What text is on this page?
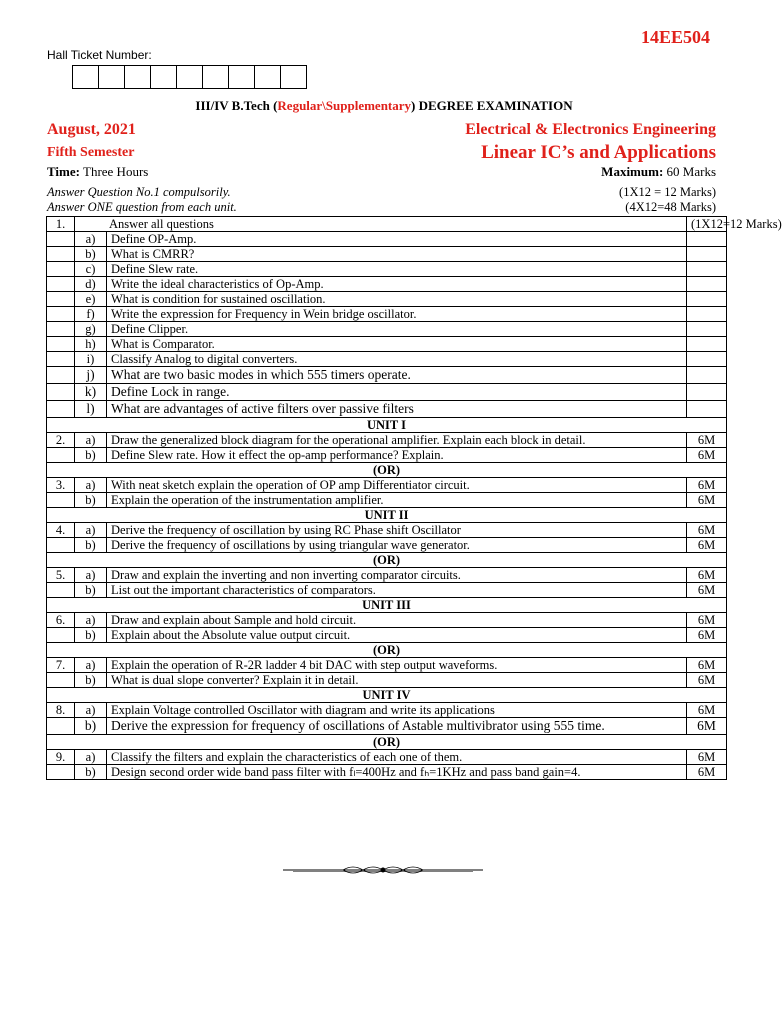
14EE504
Hall Ticket Number:
III/IV B.Tech (Regular\Supplementary) DEGREE EXAMINATION
August, 2021	Electrical & Electronics Engineering
Fifth Semester	Linear IC’s and Applications
Time: Three Hours	Maximum: 60 Marks
Answer Question No.1 compulsorily.	(1X12 = 12 Marks)
Answer ONE question from each unit.	(4X12=48 Marks)
1.	Answer all questions		(1X12=12 Marks)
	a)	Define OP-Amp.	
	b)	What is CMRR?	
	c)	Define Slew rate.	
	d)	Write the ideal characteristics of Op-Amp.	
	e)	What is condition for sustained oscillation.	
	f)	Write the expression for Frequency in Wein bridge oscillator.	
	g)	Define Clipper.	
	h)	What is Comparator.	
	i)	Classify Analog to digital converters.	
	j)	What are two basic modes in which 555 timers operate.	
	k)	Define Lock in range.	
	l)	What are advantages of active filters over passive filters	
UNIT I			
2.	a)	Draw the generalized block diagram for the operational amplifier. Explain each block in detail.	6M
	b)	Define Slew rate. How it effect the op-amp performance? Explain.	6M
(OR)			
3.	a)	With neat sketch explain the operation of OP amp Differentiator circuit.	6M
	b)	Explain the operation of the instrumentation amplifier.	6M
UNIT II			
4.	a)	Derive the frequency of oscillation by using RC Phase shift Oscillator	6M
	b)	Derive the frequency of oscillations by using triangular wave generator.	6M
(OR)			
5.	a)	Draw and explain the inverting and non inverting comparator circuits.	6M
	b)	List out the important characteristics of comparators.	6M
UNIT III			
6.	a)	Draw and explain about Sample and hold circuit.	6M
	b)	Explain about the Absolute value output circuit.	6M
(OR)			
7.	a)	Explain the operation of R-2R ladder 4 bit DAC with step output waveforms.	6M
	b)	What is dual slope converter? Explain it in detail.	6M
UNIT IV			
8.	a)	Explain Voltage controlled Oscillator with diagram and write its applications	6M
	b)	Derive the expression for frequency of oscillations of Astable multivibrator using 555 time.	6M
(OR)			
9.	a)	Classify the filters and explain the characteristics of each one of them.	6M
	b)	Design second order wide band pass filter with fₗ=400Hz and fₕ=1KHz and pass band gain=4.	6M
